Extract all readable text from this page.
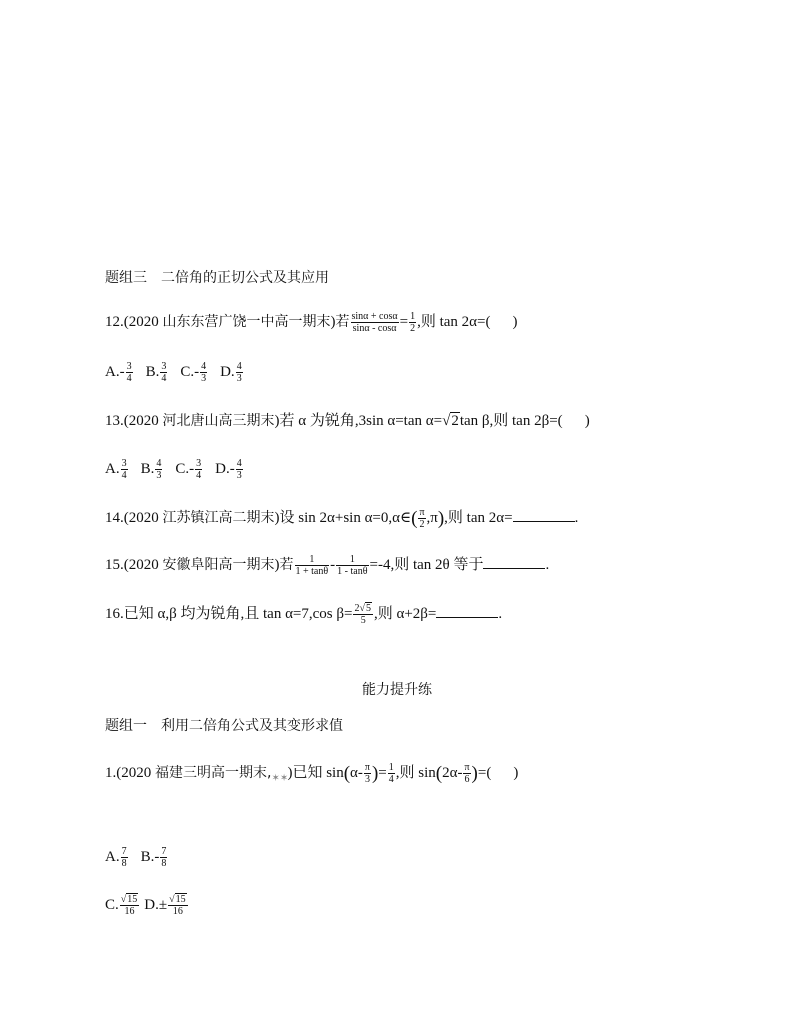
题组三　二倍角的正切公式及其应用
12.(2020 山东东营广饶一中高一期末)若 $\frac{\sin\alpha + \cos\alpha}{\sin\alpha - \cos\alpha} = \frac{1}{2}$ ,则 tan 2α=( )
$A.- \frac{3}{4} B$. $\frac{3}{4} C.- \frac{4}{3} D$. $\frac{4}{3}$
13.(2020 河北唐山高三期末)若 α 为锐角,3sin α=tan α=√2tan β,则 tan 2β=( )
A. $\frac{3}{4} B$. $\frac{4}{3} C.- \frac{3}{4} D.- \frac{4}{3}$
14.(2020 江苏镇江高二期末)设 sin 2α+sin α=0,α∈( $\frac{\pi}{2} ,\pi$),则 tan 2α=	.
15.(2020 安徽阜阳高一期末)若 $\frac{1}{1 + \tan\theta} - \frac{1}{1 - \tan\theta} =-4$,则 tan 2θ 等于	.
16.已知 α,β 均为锐角,且 tan α=7,cos $\beta= \frac{2√5}{5}$ ,则 α+2β=	.
能力提升练
题组一　利用二倍角公式及其变形求值
1.(2020 福建三明高一期末,✶✶)已知 $\sin(\alpha- \frac{\pi}{3}$ )= $\frac{1}{4}$ ,则 $\sin(2\alpha- \frac{\pi}{6}$ )=( )
A. $\frac{7}{8} B.- \frac{7}{8}$
C. $\frac{√15}{16} D.\pm \frac{√15}{16}$
